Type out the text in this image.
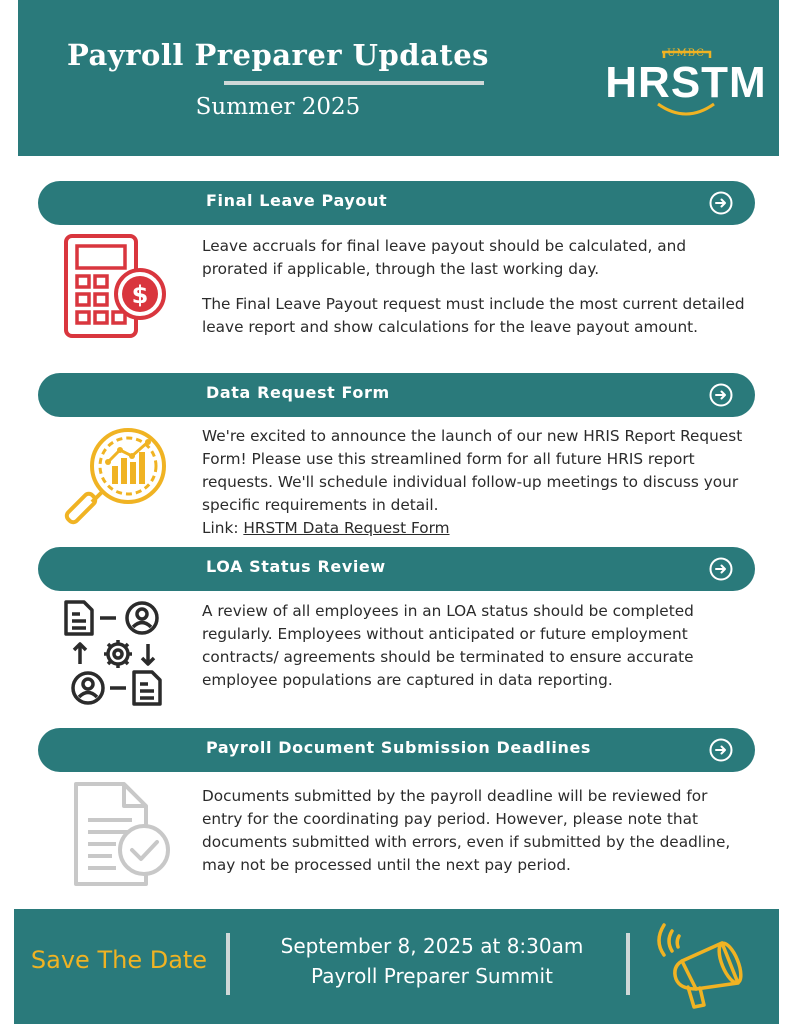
Payroll Preparer Updates
Summer 2025
UMBC
HRSTM
Final Leave Payout
$

Leave accruals for final leave payout should be calculated, and prorated if applicable, through the last working day.

The Final Leave Payout request must include the most current detailed leave report and show calculations for the leave payout amount.

Data Request Form

We're excited to announce the launch of our new HRIS Report Request Form! Please use this streamlined form for all future HRIS report requests. We'll schedule individual follow-up meetings to discuss your specific requirements in detail.

Link: HRSTM Data Request Form
LOA Status Review

A review of all employees in an LOA status should be completed regularly. Employees without anticipated or future employment contracts/ agreements should be terminated to ensure accurate employee populations are captured in data reporting.

Payroll Document Submission Deadlines

Documents submitted by the payroll deadline will be reviewed for entry for the coordinating pay period. However, please note that documents submitted with errors, even if submitted by the deadline, may not be processed until the next pay period.

Save The Date	September 8, 2025 at 8:30am
Payroll Preparer Summit
